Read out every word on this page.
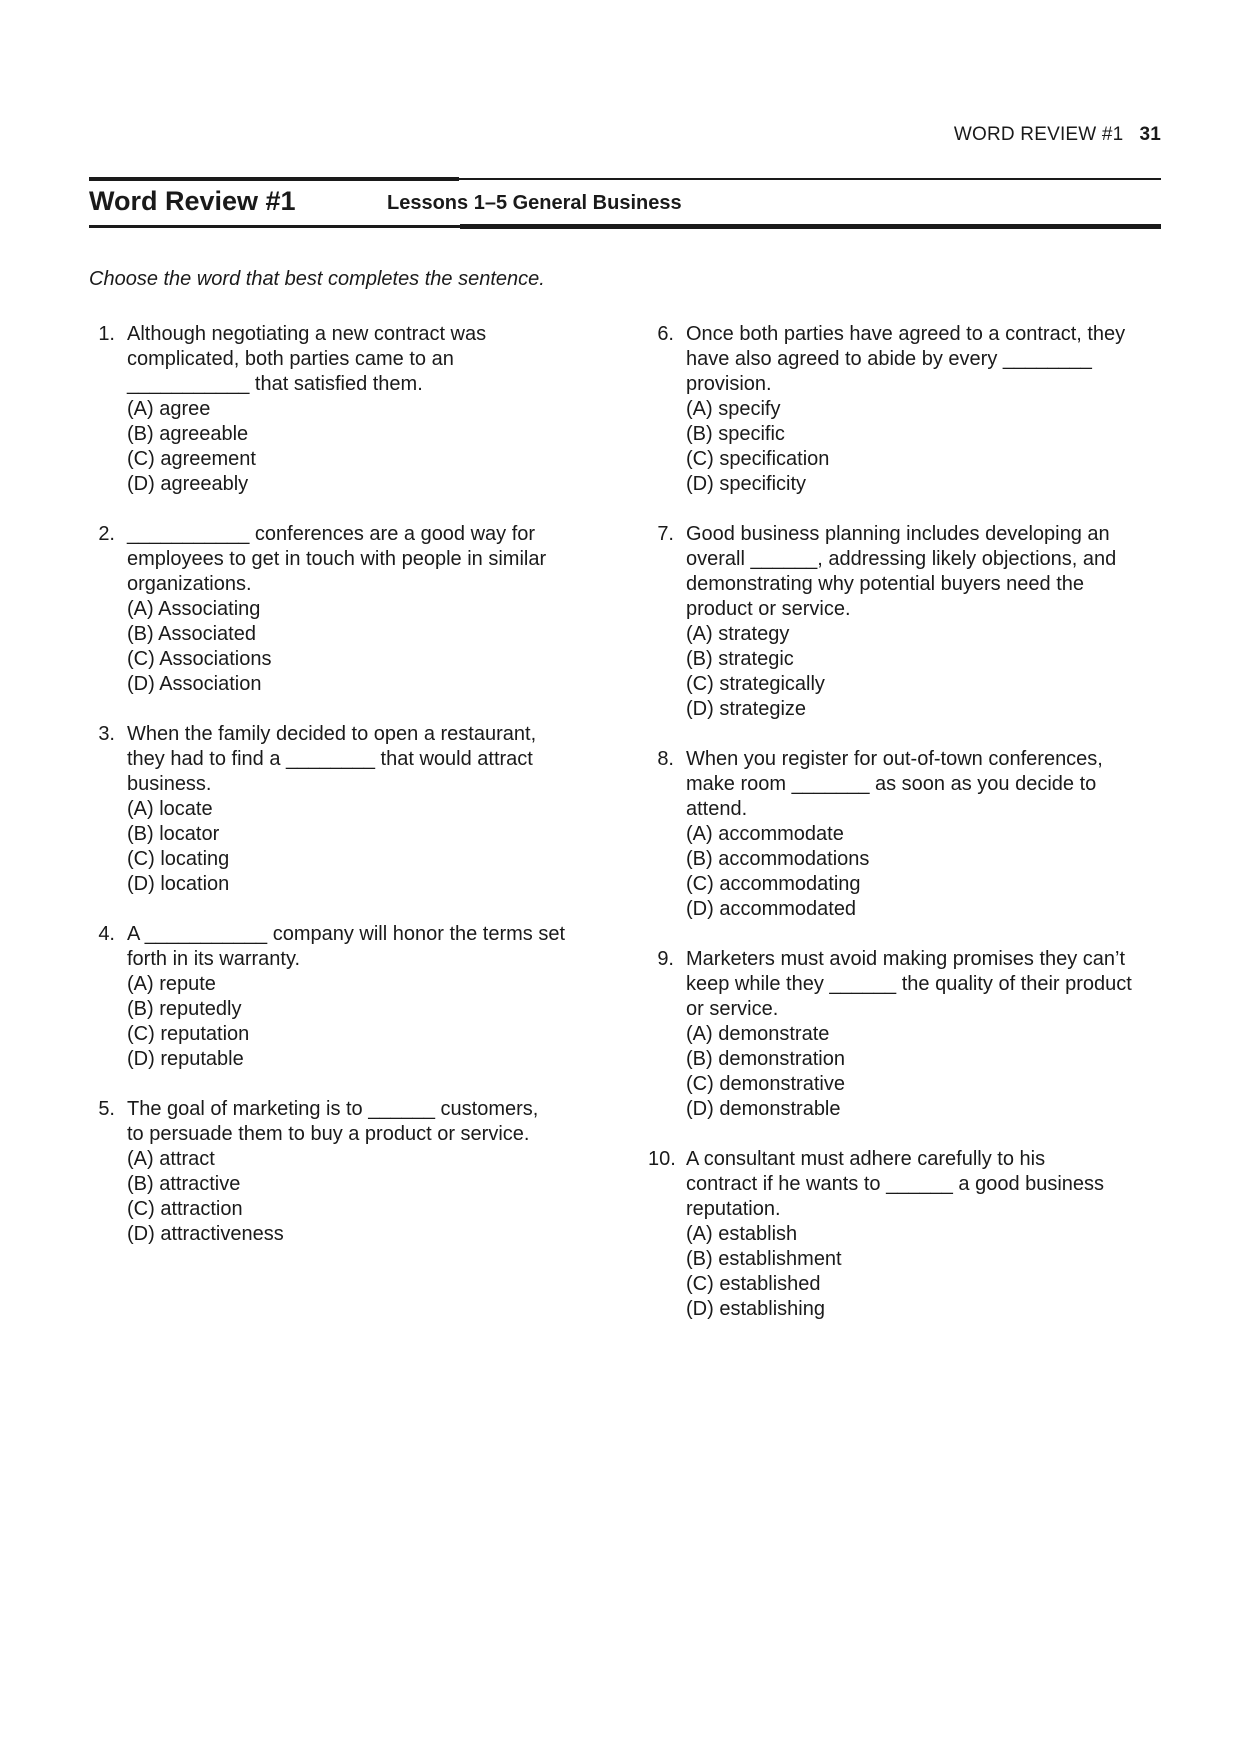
WORD REVIEW #1 31
Word Review #1	Lessons 1–5 General Business
Choose the word that best completes the sentence.
1. Although negotiating a new contract was
complicated, both parties came to an
___________ that satisfied them.
(A) agree
(B) agreeable
(C) agreement
(D) agreeably
2. ___________ conferences are a good way for
employees to get in touch with people in similar
organizations.
(A) Associating
(B) Associated
(C) Associations
(D) Association
3. When the family decided to open a restaurant,
they had to find a ________ that would attract
business.
(A) locate
(B) locator
(C) locating
(D) location
4. A ___________ company will honor the terms set
forth in its warranty.
(A) repute
(B) reputedly
(C) reputation
(D) reputable
5. The goal of marketing is to ______ customers,
to persuade them to buy a product or service.
(A) attract
(B) attractive
(C) attraction
(D) attractiveness
6. Once both parties have agreed to a contract, they
have also agreed to abide by every ________
provision.
(A) specify
(B) specific
(C) specification
(D) specificity
7. Good business planning includes developing an
overall ______, addressing likely objections, and
demonstrating why potential buyers need the
product or service.
(A) strategy
(B) strategic
(C) strategically
(D) strategize
8. When you register for out-of-town conferences,
make room _______ as soon as you decide to
attend.
(A) accommodate
(B) accommodations
(C) accommodating
(D) accommodated
9. Marketers must avoid making promises they can’t
keep while they ______ the quality of their product
or service.
(A) demonstrate
(B) demonstration
(C) demonstrative
(D) demonstrable
10. A consultant must adhere carefully to his
contract if he wants to ______ a good business
reputation.
(A) establish
(B) establishment
(C) established
(D) establishing
